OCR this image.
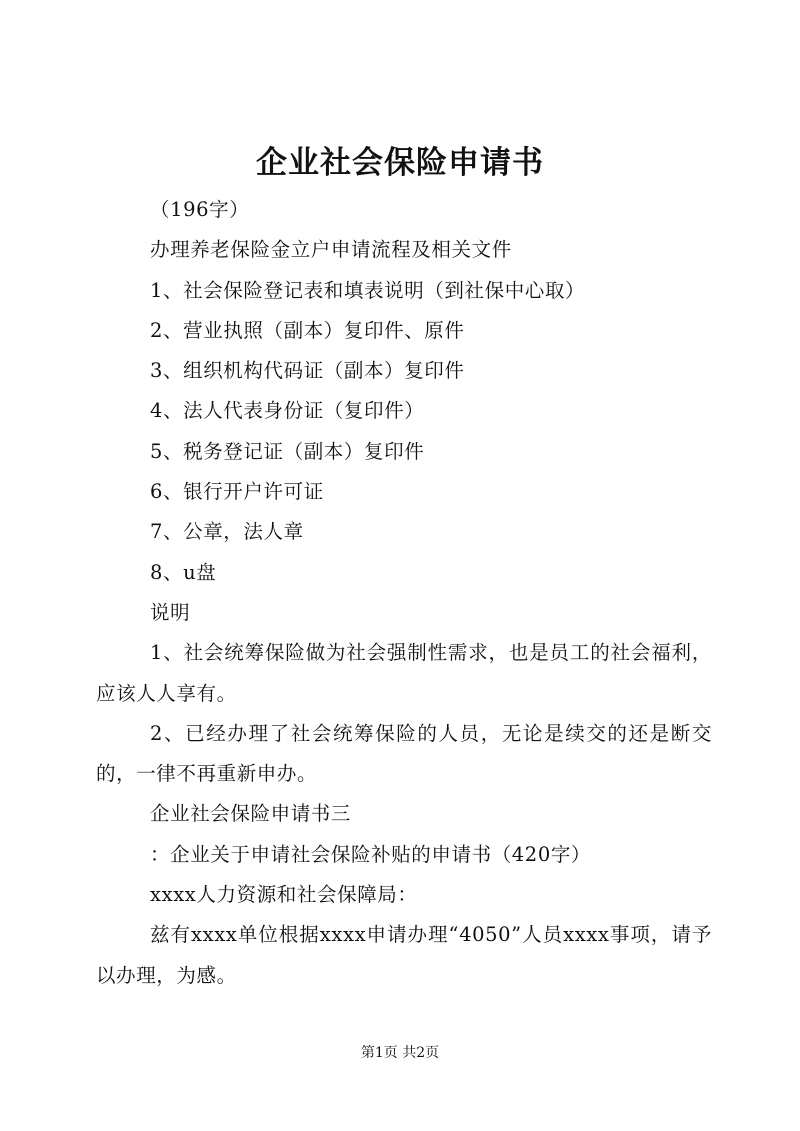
企业社会保险申请书

（196字）

办理养老保险金立户申请流程及相关文件

1、社会保险登记表和填表说明（到社保中心取）

2、营业执照（副本）复印件、原件

3、组织机构代码证（副本）复印件

4、法人代表身份证（复印件）

5、税务登记证（副本）复印件

6、银行开户许可证

7、公章，法人章

8、u盘

说明

1、社会统筹保险做为社会强制性需求，也是员工的社会福利，应该人人享有。

2、已经办理了社会统筹保险的人员，无论是续交的还是断交的，一律不再重新申办。

企业社会保险申请书三

：企业关于申请社会保险补贴的申请书（420字）

xxxx人力资源和社会保障局：

兹有xxxx单位根据xxxx申请办理“4050”人员xxxx事项，请予以办理，为感。

第1页 共2页
